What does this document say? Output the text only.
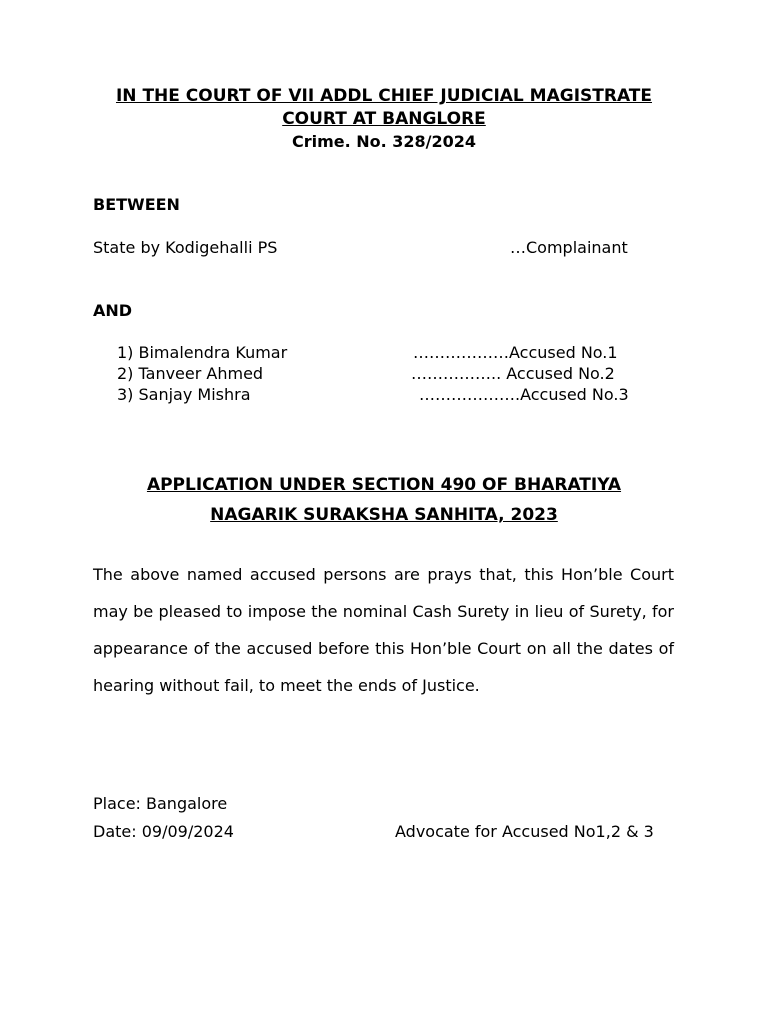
IN THE COURT OF VII ADDL CHIEF JUDICIAL MAGISTRATE
COURT AT BANGLORE
Crime. No. 328/2024
BETWEEN
State by Kodigehalli PS	…Complainant
AND
1) Bimalendra Kumar	………………Accused No.1
2) Tanveer Ahmed	…………….. Accused No.2
3) Sanjay Mishra	……………….Accused No.3
APPLICATION UNDER SECTION 490 OF BHARATIYA
NAGARIK SURAKSHA SANHITA, 2023
The above named accused persons are prays that, this Hon’ble Court may be pleased to impose the nominal Cash Surety in lieu of Surety, for appearance of the accused before this Hon’ble Court on all the dates of hearing without fail, to meet the ends of Justice.
Place: Bangalore
Date: 09/09/2024	Advocate for Accused No1,2 & 3
